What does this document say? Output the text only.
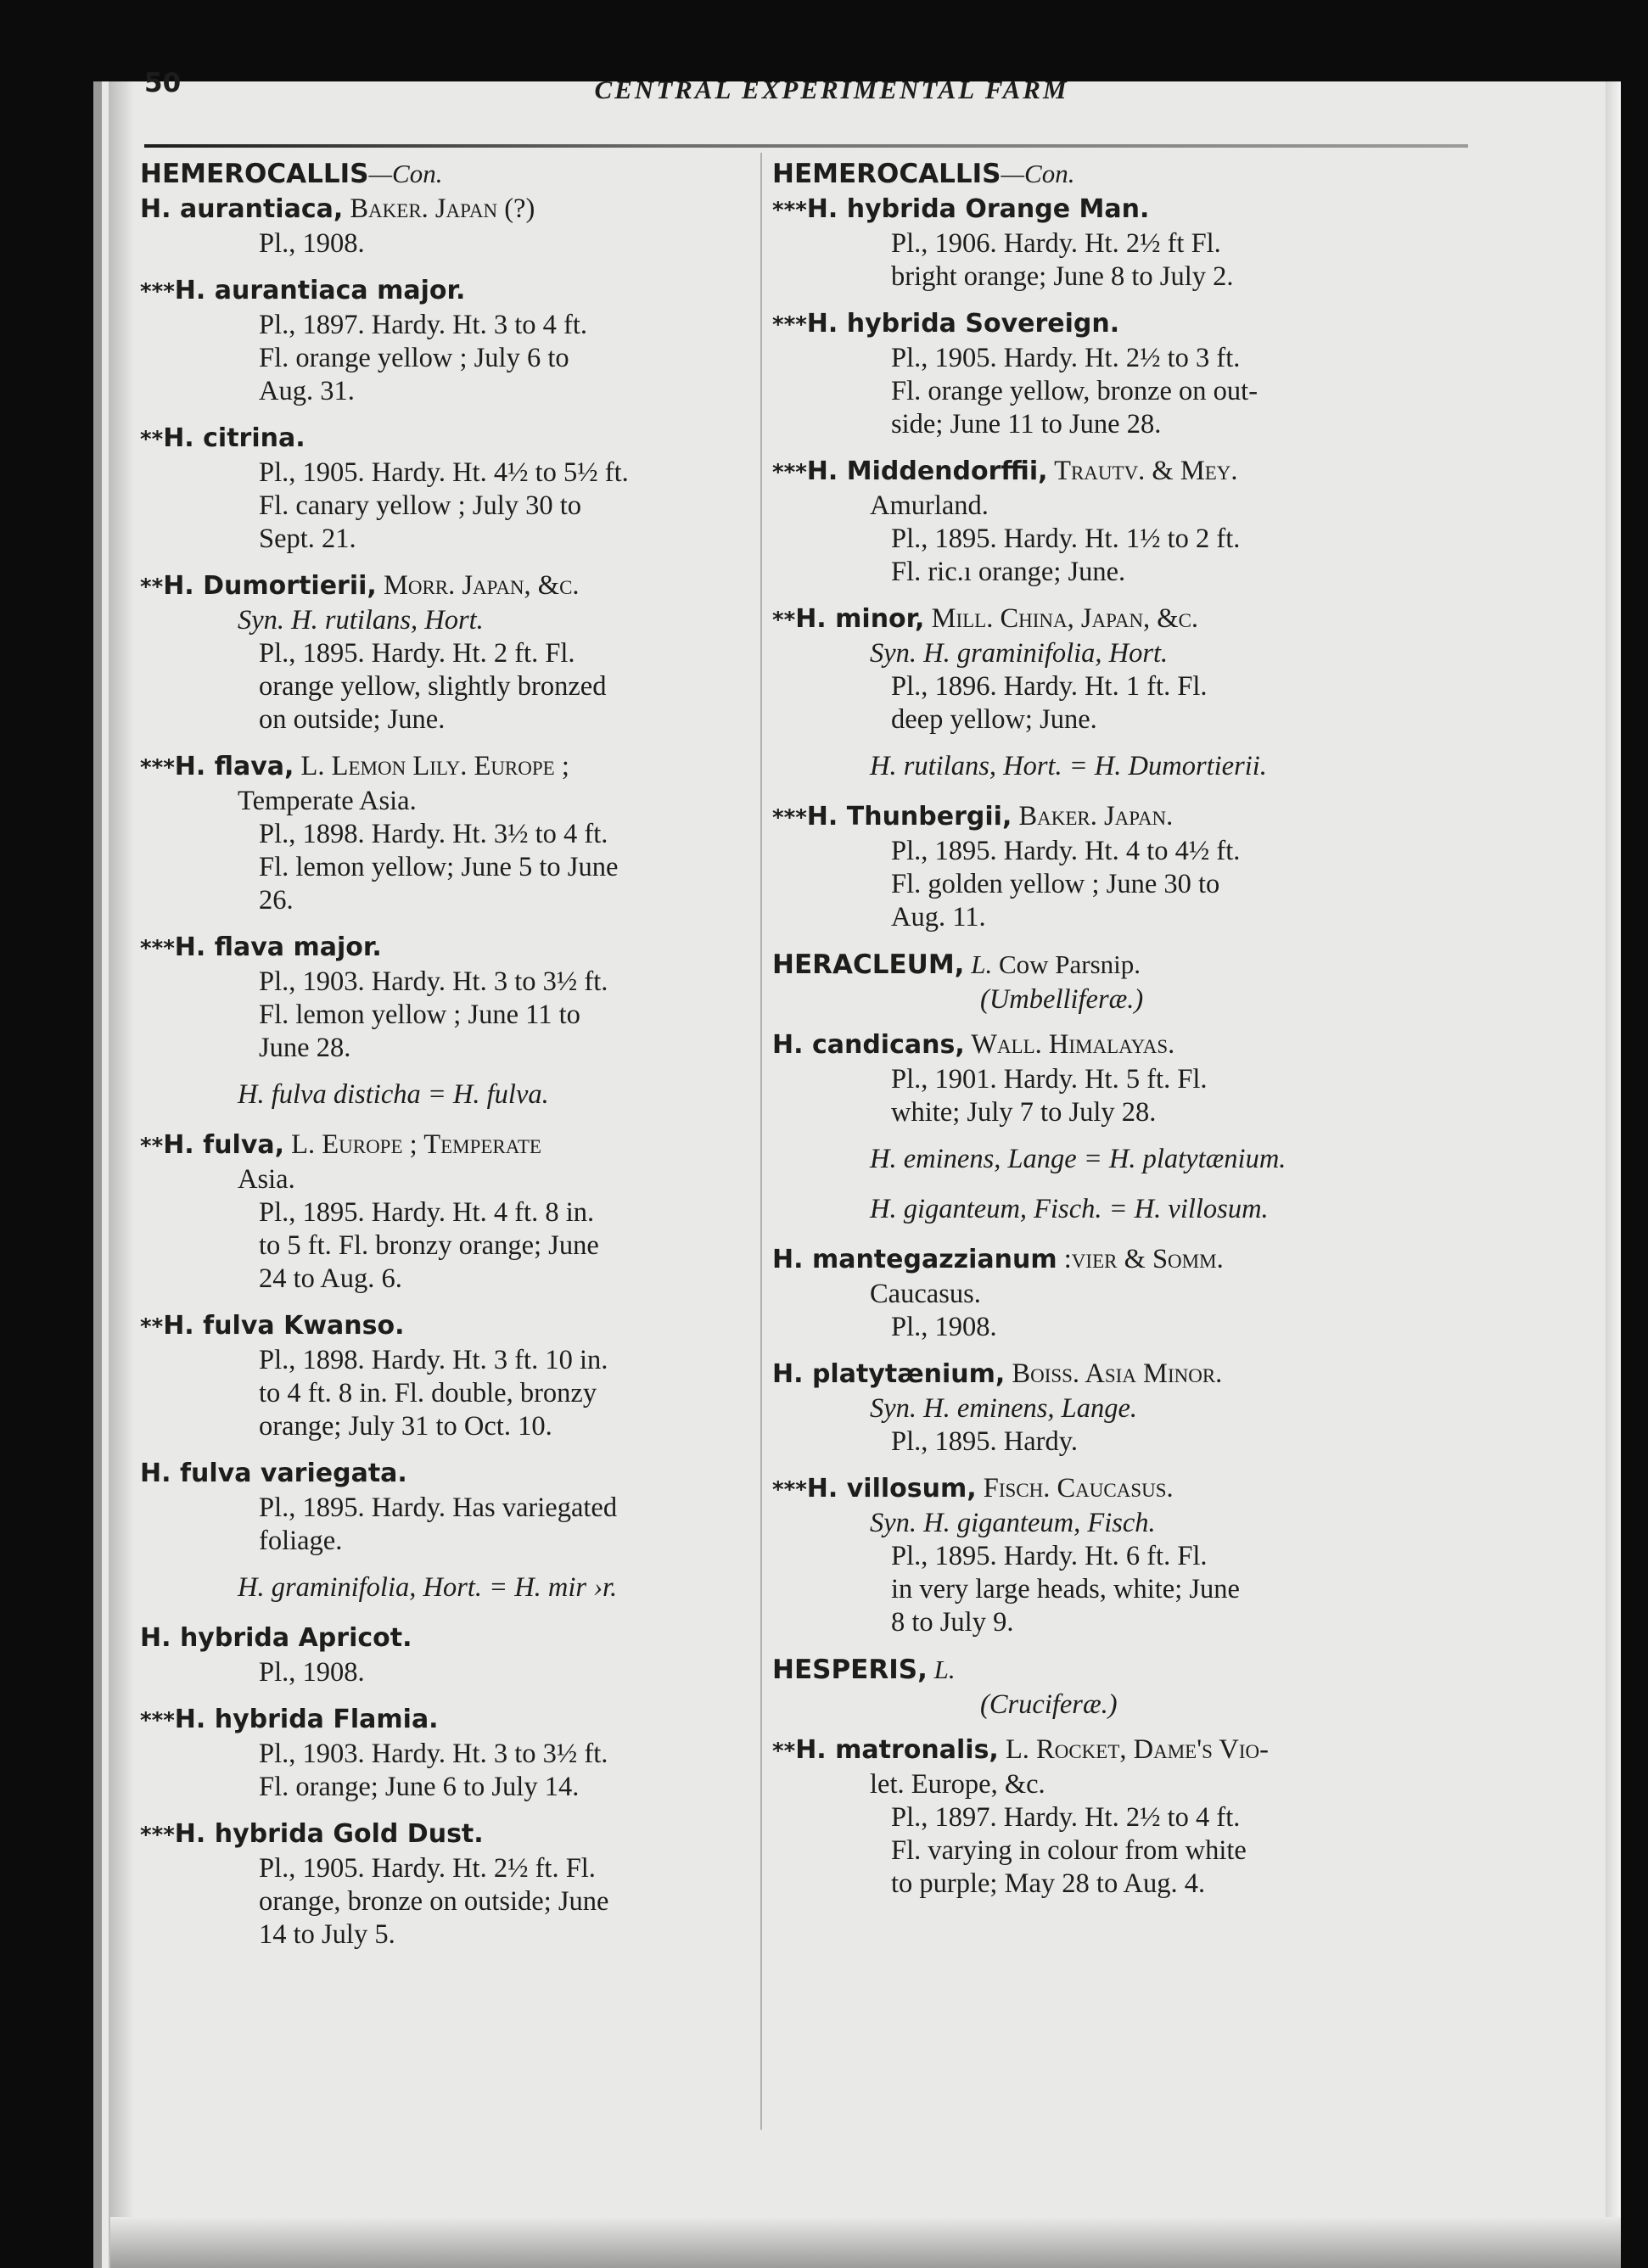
50	CENTRAL EXPERIMENTAL FARM

HEMEROCALLIS—Con.
H. aurantiaca, Baker. Japan (?)
Pl., 1908.
***H. aurantiaca major.
Pl., 1897. Hardy. Ht. 3 to 4 ft.
Fl. orange yellow ; July 6 to
Aug. 31.
**H. citrina.
Pl., 1905. Hardy. Ht. 4½ to 5½ ft.
Fl. canary yellow ; July 30 to
Sept. 21.
**H. Dumortierii, Morr. Japan, &c.
Syn. H. rutilans, Hort.
Pl., 1895. Hardy. Ht. 2 ft. Fl.
orange yellow, slightly bronzed
on outside; June.
***H. flava, L. Lemon Lily. Europe ;
Temperate Asia.
Pl., 1898. Hardy. Ht. 3½ to 4 ft.
Fl. lemon yellow; June 5 to June
26.
***H. flava major.
Pl., 1903. Hardy. Ht. 3 to 3½ ft.
Fl. lemon yellow ; June 11 to
June 28.
H. fulva disticha = H. fulva.
**H. fulva, L. Europe ; Temperate
Asia.
Pl., 1895. Hardy. Ht. 4 ft. 8 in.
to 5 ft. Fl. bronzy orange; June
24 to Aug. 6.
**H. fulva Kwanso.
Pl., 1898. Hardy. Ht. 3 ft. 10 in.
to 4 ft. 8 in. Fl. double, bronzy
orange; July 31 to Oct. 10.
H. fulva variegata.
Pl., 1895. Hardy. Has variegated
foliage.
H. graminifolia, Hort. = H. mir ›r.
H. hybrida Apricot.
Pl., 1908.
***H. hybrida Flamia.
Pl., 1903. Hardy. Ht. 3 to 3½ ft.
Fl. orange; June 6 to July 14.
***H. hybrida Gold Dust.
Pl., 1905. Hardy. Ht. 2½ ft. Fl.
orange, bronze on outside; June
14 to July 5.
HEMEROCALLIS—Con.
***H. hybrida Orange Man.
Pl., 1906. Hardy. Ht. 2½ ft Fl.
bright orange; June 8 to July 2.
***H. hybrida Sovereign.
Pl., 1905. Hardy. Ht. 2½ to 3 ft.
Fl. orange yellow, bronze on out-
side; June 11 to June 28.
***H. Middendorffii, Trautv. & Mey.
Amurland.
Pl., 1895. Hardy. Ht. 1½ to 2 ft.
Fl. ric.ı orange; June.
**H. minor, Mill. China, Japan, &c.
Syn. H. graminifolia, Hort.
Pl., 1896. Hardy. Ht. 1 ft. Fl.
deep yellow; June.
H. rutilans, Hort. = H. Dumortierii.
***H. Thunbergii, Baker. Japan.
Pl., 1895. Hardy. Ht. 4 to 4½ ft.
Fl. golden yellow ; June 30 to
Aug. 11.
HERACLEUM, L. Cow Parsnip.
(Umbelliferæ.)
H. candicans, Wall. Himalayas.
Pl., 1901. Hardy. Ht. 5 ft. Fl.
white; July 7 to July 28.
H. eminens, Lange = H. platytænium.
H. giganteum, Fisch. = H. villosum.
H. mantegazzianum :vier & Somm.
Caucasus.
Pl., 1908.
H. platytænium, Boiss. Asia Minor.
Syn. H. eminens, Lange.
Pl., 1895. Hardy.
***H. villosum, Fisch. Caucasus.
Syn. H. giganteum, Fisch.
Pl., 1895. Hardy. Ht. 6 ft. Fl.
in very large heads, white; June
8 to July 9.
HESPERIS, L.
(Cruciferæ.)
**H. matronalis, L. Rocket, Dame's Vio-
let. Europe, &c.
Pl., 1897. Hardy. Ht. 2½ to 4 ft.
Fl. varying in colour from white
to purple; May 28 to Aug. 4.
